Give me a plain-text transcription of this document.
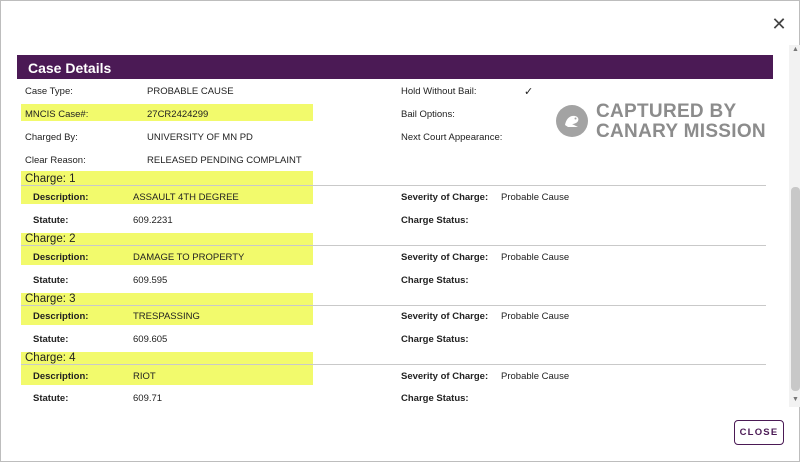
✕
▲
▼
Case Details
Case Type:	PROBABLE CAUSE
MNCIS Case#:	27CR2424299
Charged By:	UNIVERSITY OF MN PD
Clear Reason:	RELEASED PENDING COMPLAINT
Hold Without Bail:	✓
Bail Options:
Next Court Appearance:
Charge: 1
Description:	ASSAULT 4TH DEGREE	Severity of Charge: Probable Cause
Statute:	609.2231	Charge Status:
Charge: 2
Description:	DAMAGE TO PROPERTY	Severity of Charge: Probable Cause
Statute:	609.595	Charge Status:
Charge: 3
Description:	TRESPASSING	Severity of Charge: Probable Cause
Statute:	609.605	Charge Status:
Charge: 4
Description:	RIOT	Severity of Charge: Probable Cause
Statute:	609.71	Charge Status:
CAPTURED BY
CANARY MISSION
CLOSE
